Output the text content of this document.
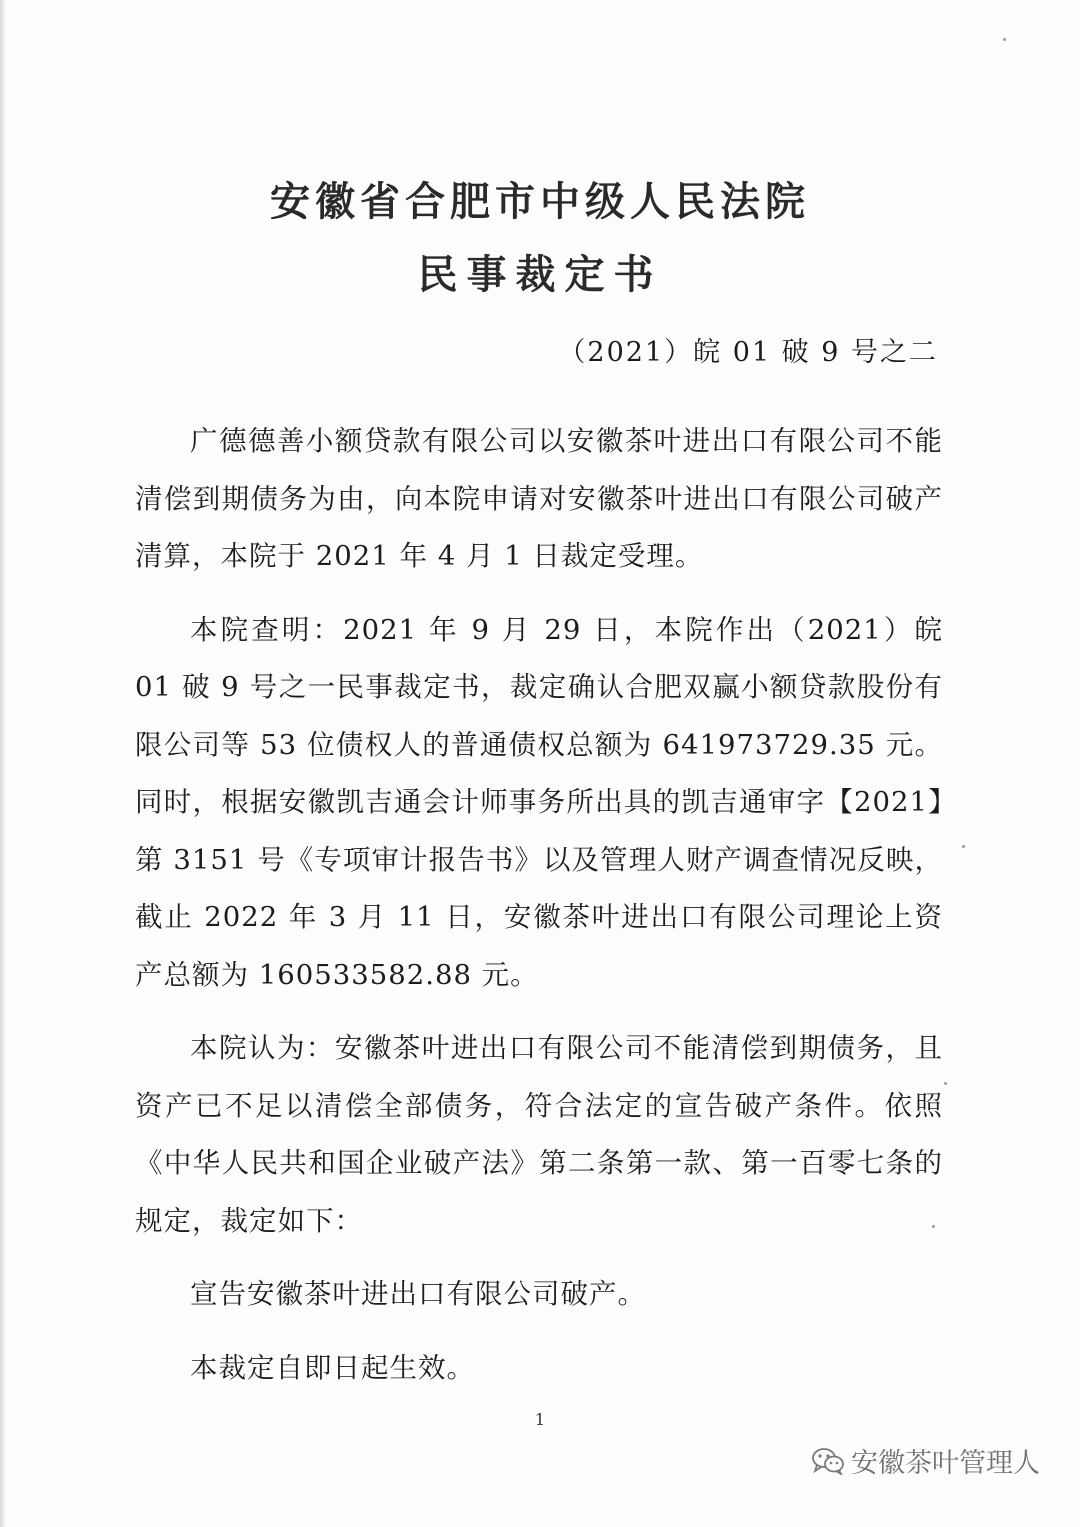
安徽省合肥市中级人民法院
民事裁定书
（2021）皖 01 破 9 号之二

广德德善小额贷款有限公司以安徽茶叶进出口有限公司不能清偿到期债务为由，向本院申请对安徽茶叶进出口有限公司破产清算，本院于 2021 年 4 月 1 日裁定受理。

本院查明：2021 年 9 月 29 日，本院作出（2021）皖 01 破 9 号之一民事裁定书，裁定确认合肥双赢小额贷款股份有限公司等 53 位债权人的普通债权总额为 641973729.35 元。同时，根据安徽凯吉通会计师事务所出具的凯吉通审字【2021】第 3151 号《专项审计报告书》以及管理人财产调查情况反映，截止 2022 年 3 月 11 日，安徽茶叶进出口有限公司理论上资产总额为 160533582.88 元。

本院认为：安徽茶叶进出口有限公司不能清偿到期债务，且资产已不足以清偿全部债务，符合法定的宣告破产条件。依照《中华人民共和国企业破产法》第二条第一款、第一百零七条的规定，裁定如下：

宣告安徽茶叶进出口有限公司破产。

本裁定自即日起生效。

1
安徽茶叶管理人
